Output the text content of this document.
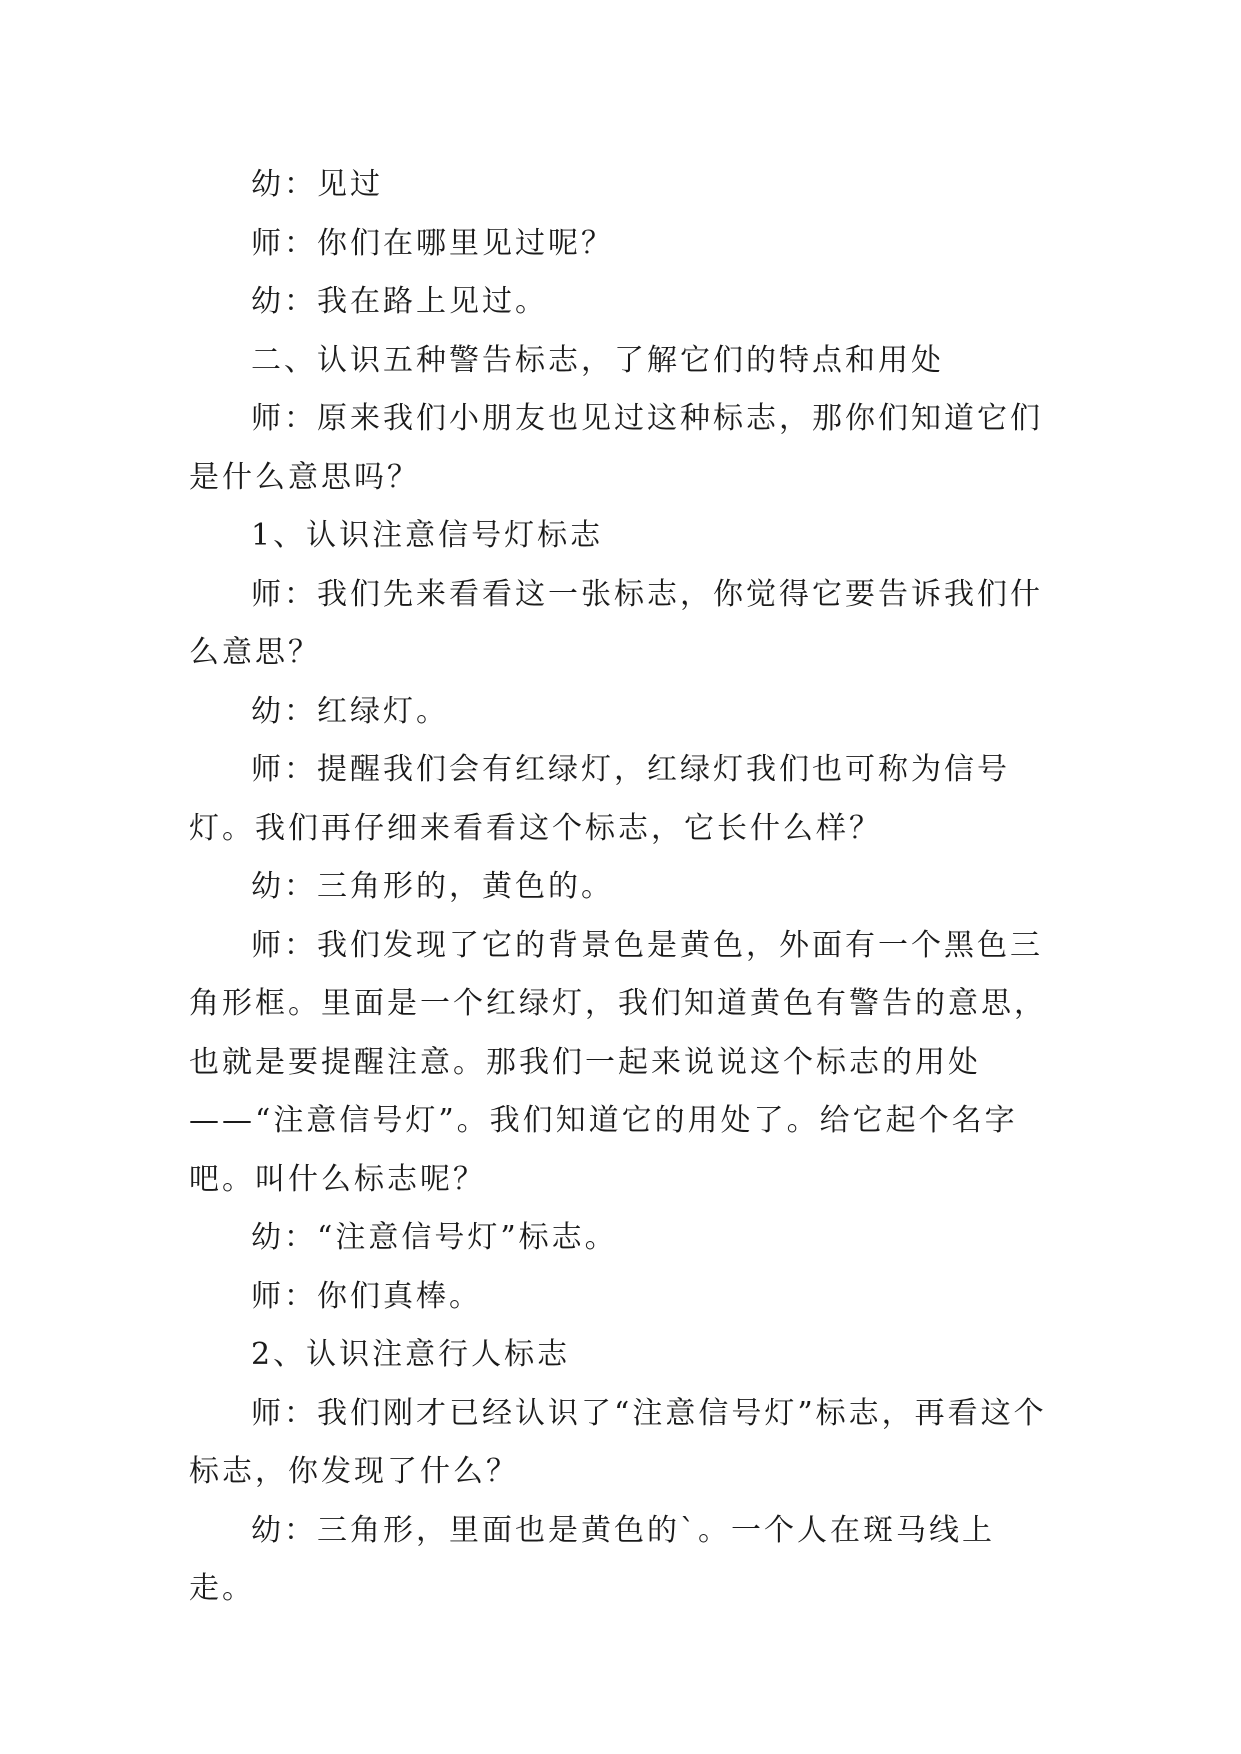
幼：见过

师：你们在哪里见过呢？

幼：我在路上见过。

二、认识五种警告标志，了解它们的特点和用处

师：原来我们小朋友也见过这种标志，那你们知道它们是什么意思吗？

1、认识注意信号灯标志

师：我们先来看看这一张标志，你觉得它要告诉我们什么意思？

幼：红绿灯。

师：提醒我们会有红绿灯，红绿灯我们也可称为信号灯。我们再仔细来看看这个标志，它长什么样？

幼：三角形的，黄色的。

师：我们发现了它的背景色是黄色，外面有一个黑色三角形框。里面是一个红绿灯，我们知道黄色有警告的意思，也就是要提醒注意。那我们一起来说说这个标志的用处——“注意信号灯”。我们知道它的用处了。给它起个名字吧。叫什么标志呢？

幼：“注意信号灯”标志。

师：你们真棒。

2、认识注意行人标志

师：我们刚才已经认识了“注意信号灯”标志，再看这个标志，你发现了什么？

幼：三角形，里面也是黄色的`。一个人在斑马线上走。
